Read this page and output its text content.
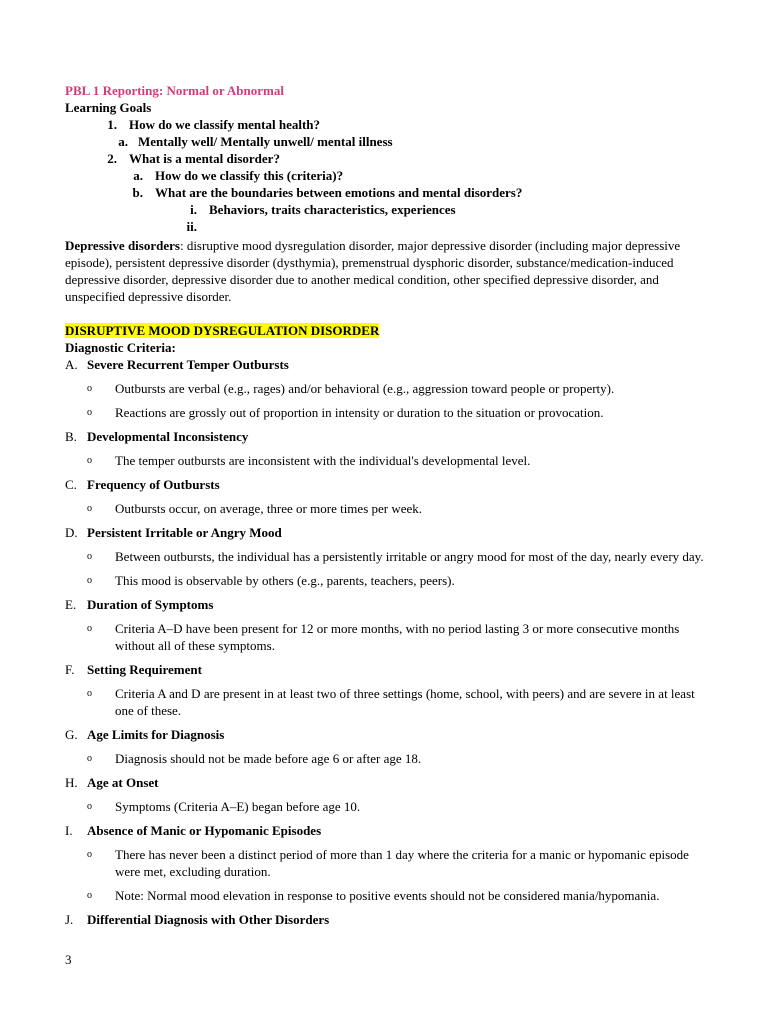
PBL 1 Reporting: Normal or Abnormal
Learning Goals
1. How do we classify mental health?
a. Mentally well/ Mentally unwell/ mental illness
2. What is a mental disorder?
a. How do we classify this (criteria)?
b. What are the boundaries between emotions and mental disorders?
i. Behaviors, traits characteristics, experiences
ii.
Depressive disorders: disruptive mood dysregulation disorder, major depressive disorder (including major depressive episode), persistent depressive disorder (dysthymia), premenstrual dysphoric disorder, substance/medication-induced depressive disorder, depressive disorder due to another medical condition, other specified depressive disorder, and unspecified depressive disorder.
DISRUPTIVE MOOD DYSREGULATION DISORDER
Diagnostic Criteria:
A. Severe Recurrent Temper Outbursts
o	Outbursts are verbal (e.g., rages) and/or behavioral (e.g., aggression toward people or property).
o	Reactions are grossly out of proportion in intensity or duration to the situation or provocation.
B. Developmental Inconsistency
o	The temper outbursts are inconsistent with the individual's developmental level.
C. Frequency of Outbursts
o	Outbursts occur, on average, three or more times per week.
D. Persistent Irritable or Angry Mood
o	Between outbursts, the individual has a persistently irritable or angry mood for most of the day, nearly every day.
o	This mood is observable by others (e.g., parents, teachers, peers).
E. Duration of Symptoms
o	Criteria A–D have been present for 12 or more months, with no period lasting 3 or more consecutive months without all of these symptoms.
F. Setting Requirement
o	Criteria A and D are present in at least two of three settings (home, school, with peers) and are severe in at least one of these.
G. Age Limits for Diagnosis
o	Diagnosis should not be made before age 6 or after age 18.
H. Age at Onset
o	Symptoms (Criteria A–E) began before age 10.
I.	Absence of Manic or Hypomanic Episodes
o	There has never been a distinct period of more than 1 day where the criteria for a manic or hypomanic episode were met, excluding duration.
o	Note: Normal mood elevation in response to positive events should not be considered mania/hypomania.
J.	Differential Diagnosis with Other Disorders
3
